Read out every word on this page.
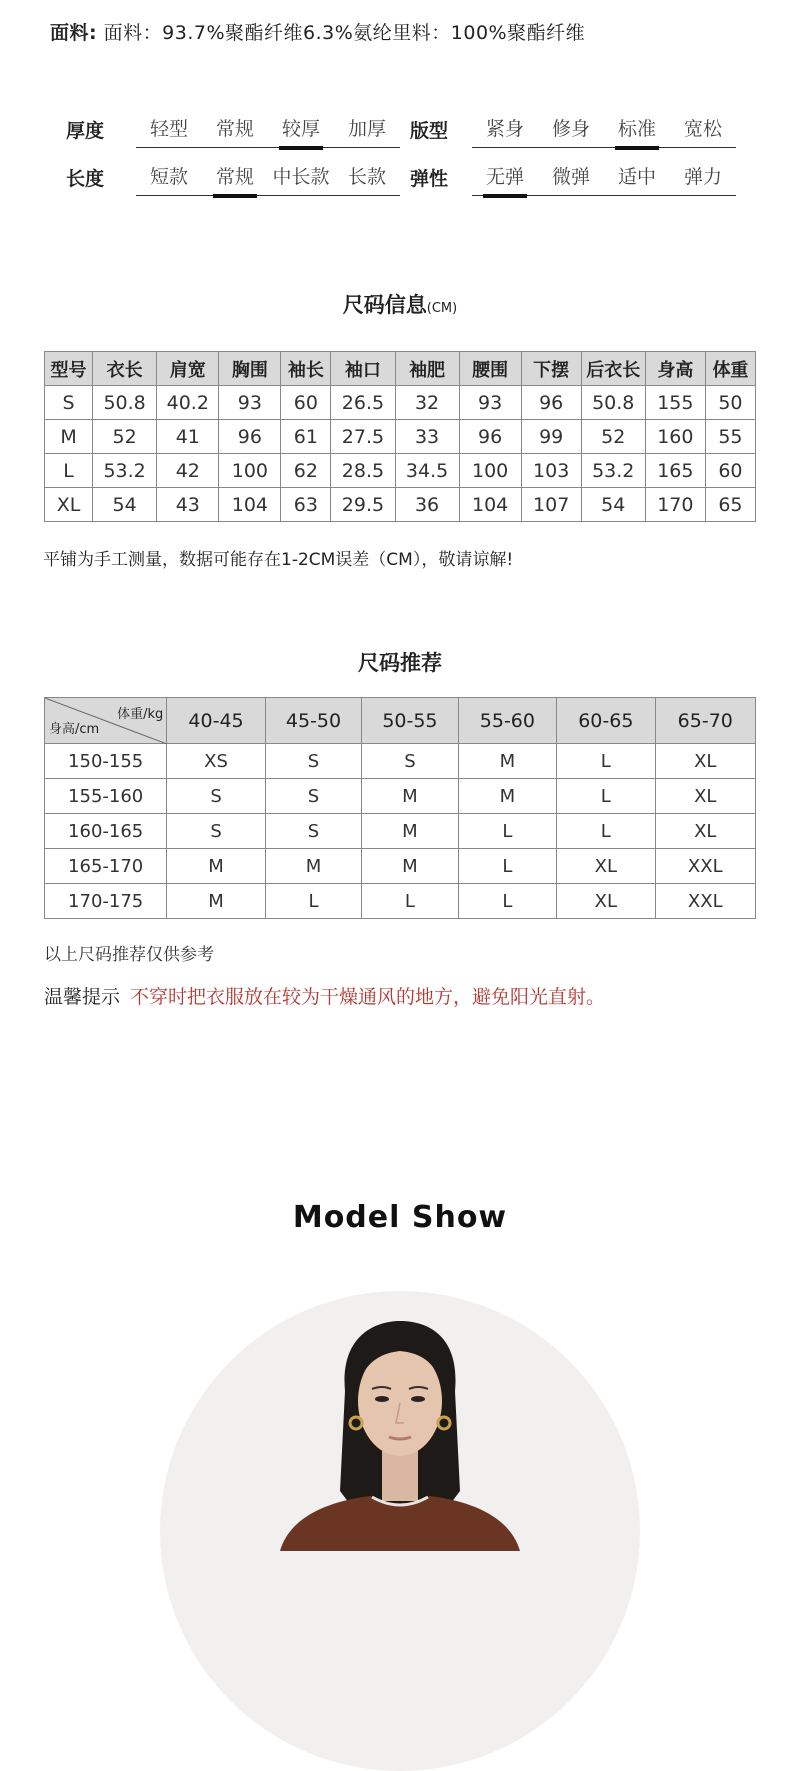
面料: 面料：93.7%聚酯纤维6.3%氨纶里料：100%聚酯纤维
厚度	轻型	常规	较厚	加厚
长度	短款	常规 中长款 长款
版型	紧身	修身	标准	宽松
弹性	无弹	微弹	适中	弹力
尺码信息(CM)
型号	衣长	肩宽	胸围	袖长	袖口	袖肥	腰围	下摆	后衣长	身高	体重
S	50.8	40.2	93	60	26.5	32	93	96	50.8	155	50
M	52	41	96	61	27.5	33	96	99	52	160	55
L	53.2	42	100	62	28.5	34.5	100	103	53.2	165	60
XL	54	43	104	63	29.5	36	104	107	54	170	65
平铺为手工测量，数据可能存在1-2CM误差（CM），敬请谅解!
尺码推荐
体重/kg
身高/cm	40-45	45-50	50-55	55-60	60-65	65-70
150-155	XS	S	S	M	L	XL
155-160	S	S	M	M	L	XL
160-165	S	S	M	L	L	XL
165-170	M	M	M	L	XL	XXL
170-175	M	L	L	L	XL	XXL
以上尺码推荐仅供参考
温馨提示 不穿时把衣服放在较为干燥通风的地方，避免阳光直射。
Model Show
